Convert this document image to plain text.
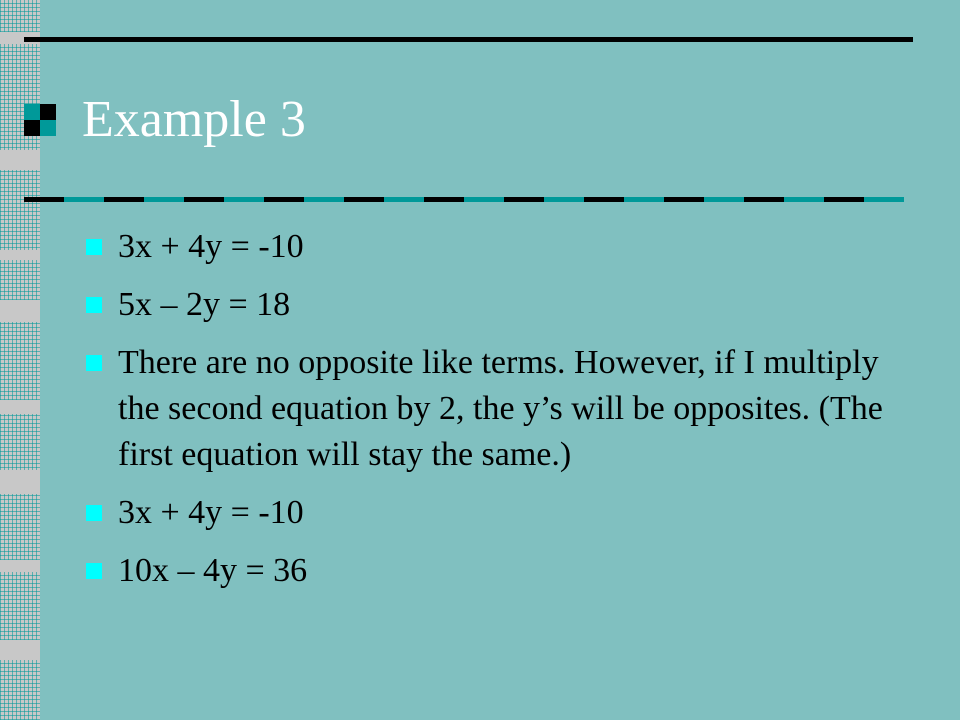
Example 3
3x + 4y = -10
5x – 2y = 18
There are no opposite like terms. However, if I multiply the second equation by 2, the y’s will be opposites. (The first equation will stay the same.)
3x + 4y = -10
10x – 4y = 36
